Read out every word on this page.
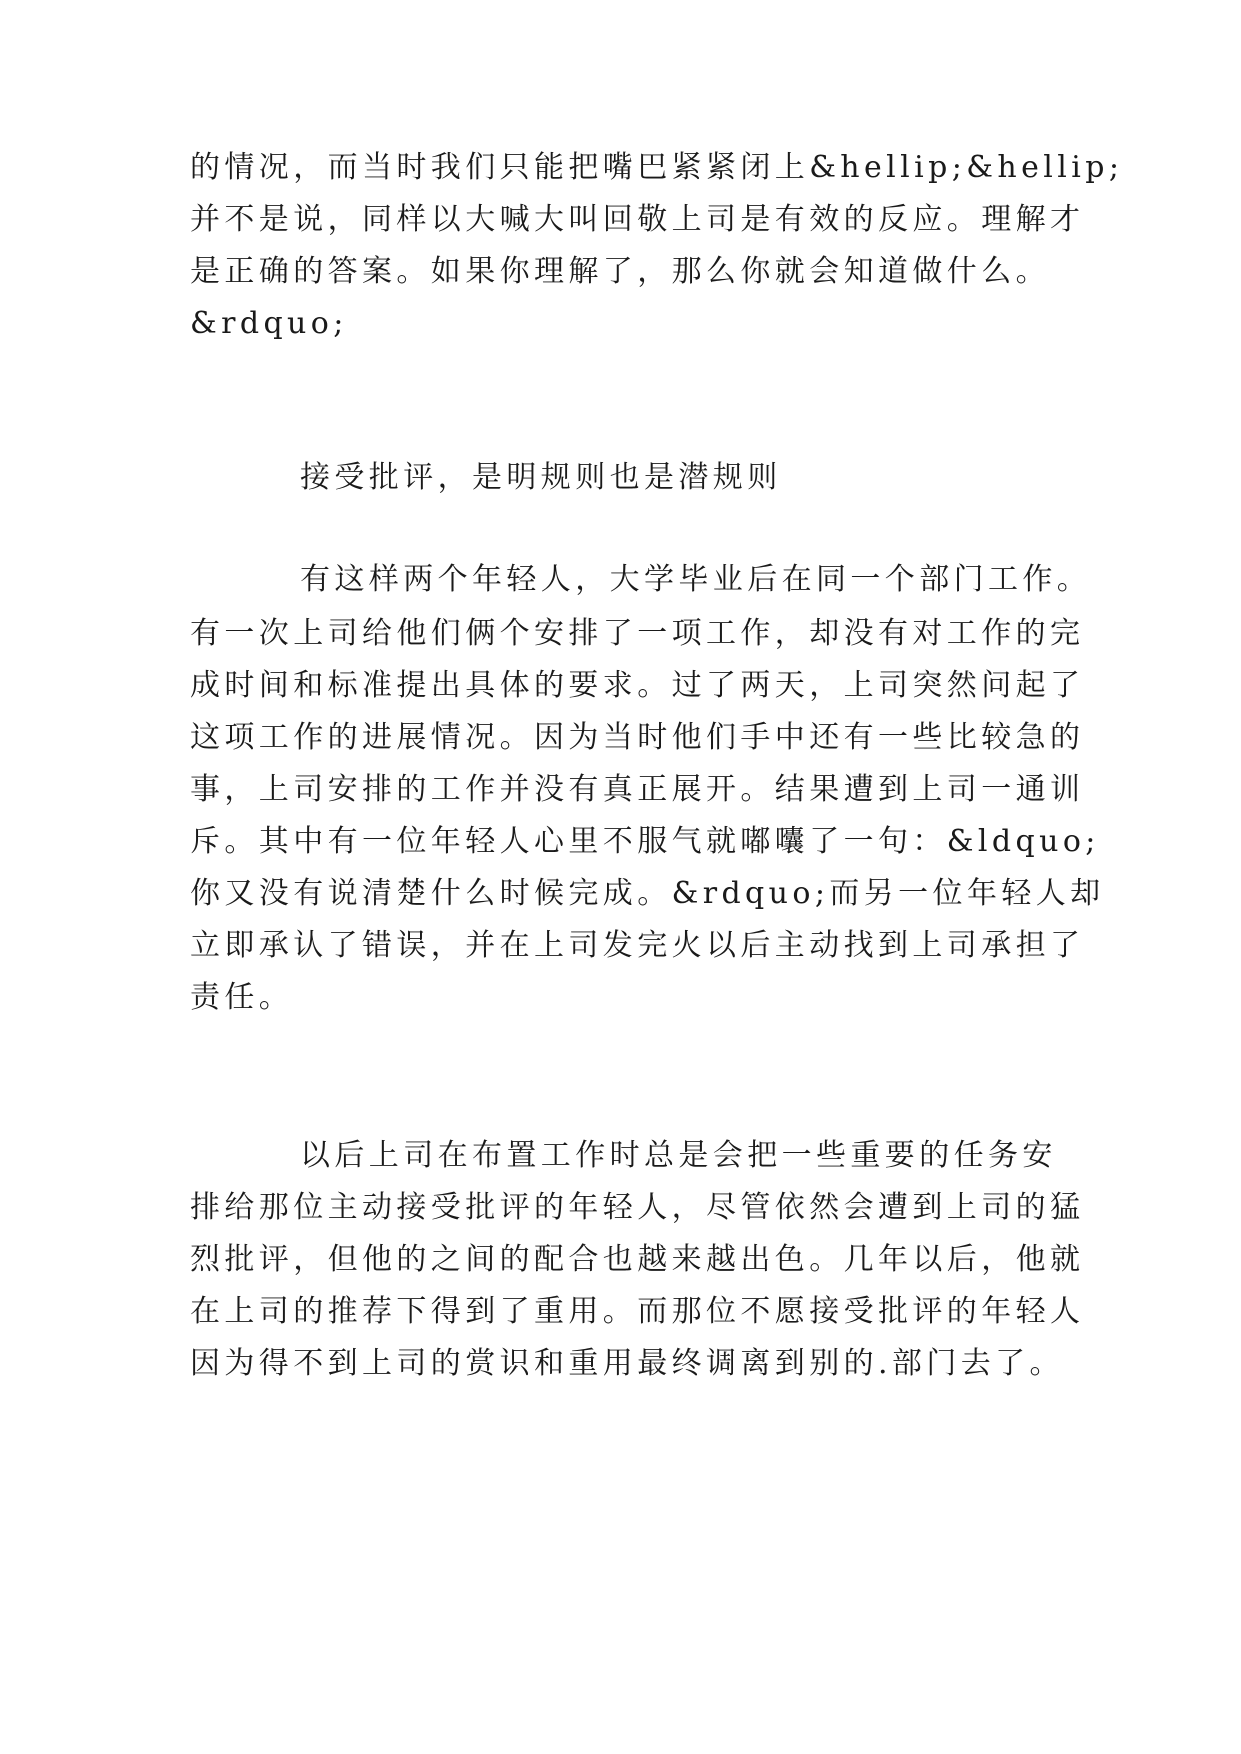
的情况，而当时我们只能把嘴巴紧紧闭上&hellip;&hellip;
并不是说，同样以大喊大叫回敬上司是有效的反应。理解才
是正确的答案。如果你理解了，那么你就会知道做什么。
&rdquo;
接受批评，是明规则也是潜规则
有这样两个年轻人，大学毕业后在同一个部门工作。
有一次上司给他们俩个安排了一项工作，却没有对工作的完
成时间和标准提出具体的要求。过了两天，上司突然问起了
这项工作的进展情况。因为当时他们手中还有一些比较急的
事，上司安排的工作并没有真正展开。结果遭到上司一通训
斥。其中有一位年轻人心里不服气就嘟囔了一句：&ldquo;
你又没有说清楚什么时候完成。&rdquo;而另一位年轻人却
立即承认了错误，并在上司发完火以后主动找到上司承担了
责任。
以后上司在布置工作时总是会把一些重要的任务安
排给那位主动接受批评的年轻人，尽管依然会遭到上司的猛
烈批评，但他的之间的配合也越来越出色。几年以后，他就
在上司的推荐下得到了重用。而那位不愿接受批评的年轻人
因为得不到上司的赏识和重用最终调离到别的.部门去了。
